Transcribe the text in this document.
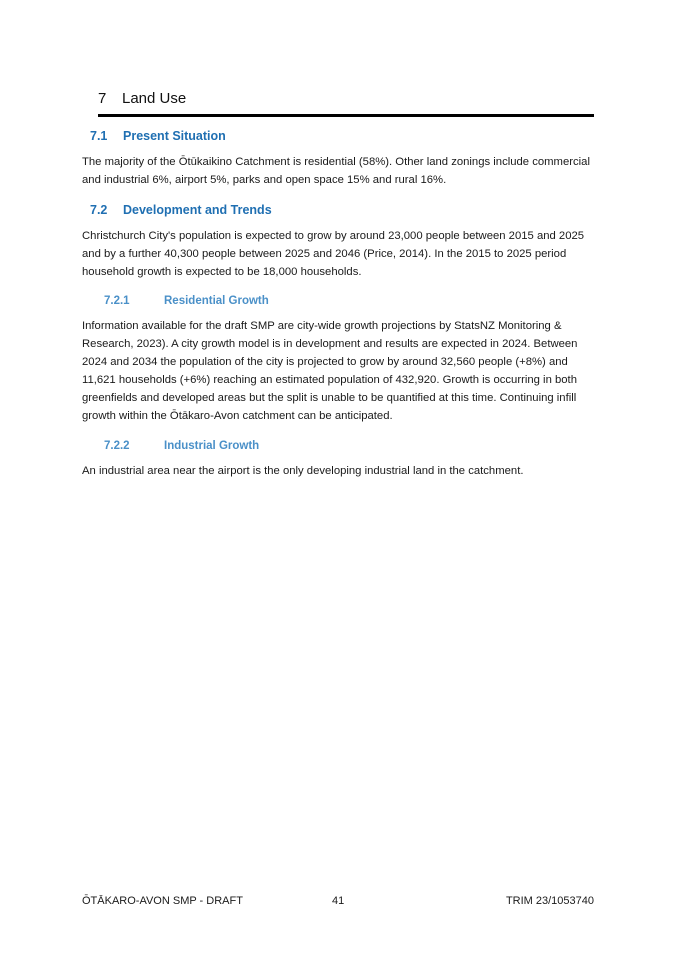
7 Land Use
7.1 Present Situation
The majority of the Ōtūkaikino Catchment is residential (58%). Other land zonings include commercial and industrial 6%, airport 5%, parks and open space 15% and rural 16%.
7.2 Development and Trends
Christchurch City's population is expected to grow by around 23,000 people between 2015 and 2025 and by a further 40,300 people between 2025 and 2046 (Price, 2014). In the 2015 to 2025 period household growth is expected to be 18,000 households.
7.2.1	Residential Growth
Information available for the draft SMP are city-wide growth projections by StatsNZ Monitoring & Research, 2023). A city growth model is in development and results are expected in 2024. Between 2024 and 2034 the population of the city is projected to grow by around 32,560 people (+8%) and 11,621 households (+6%) reaching an estimated population of 432,920. Growth is occurring in both greenfields and developed areas but the split is unable to be quantified at this time. Continuing infill growth within the Ōtākaro-Avon catchment can be anticipated.
7.2.2	Industrial Growth
An industrial area near the airport is the only developing industrial land in the catchment.
ŌTĀKARO-AVON SMP - DRAFT	41	TRIM 23/1053740
